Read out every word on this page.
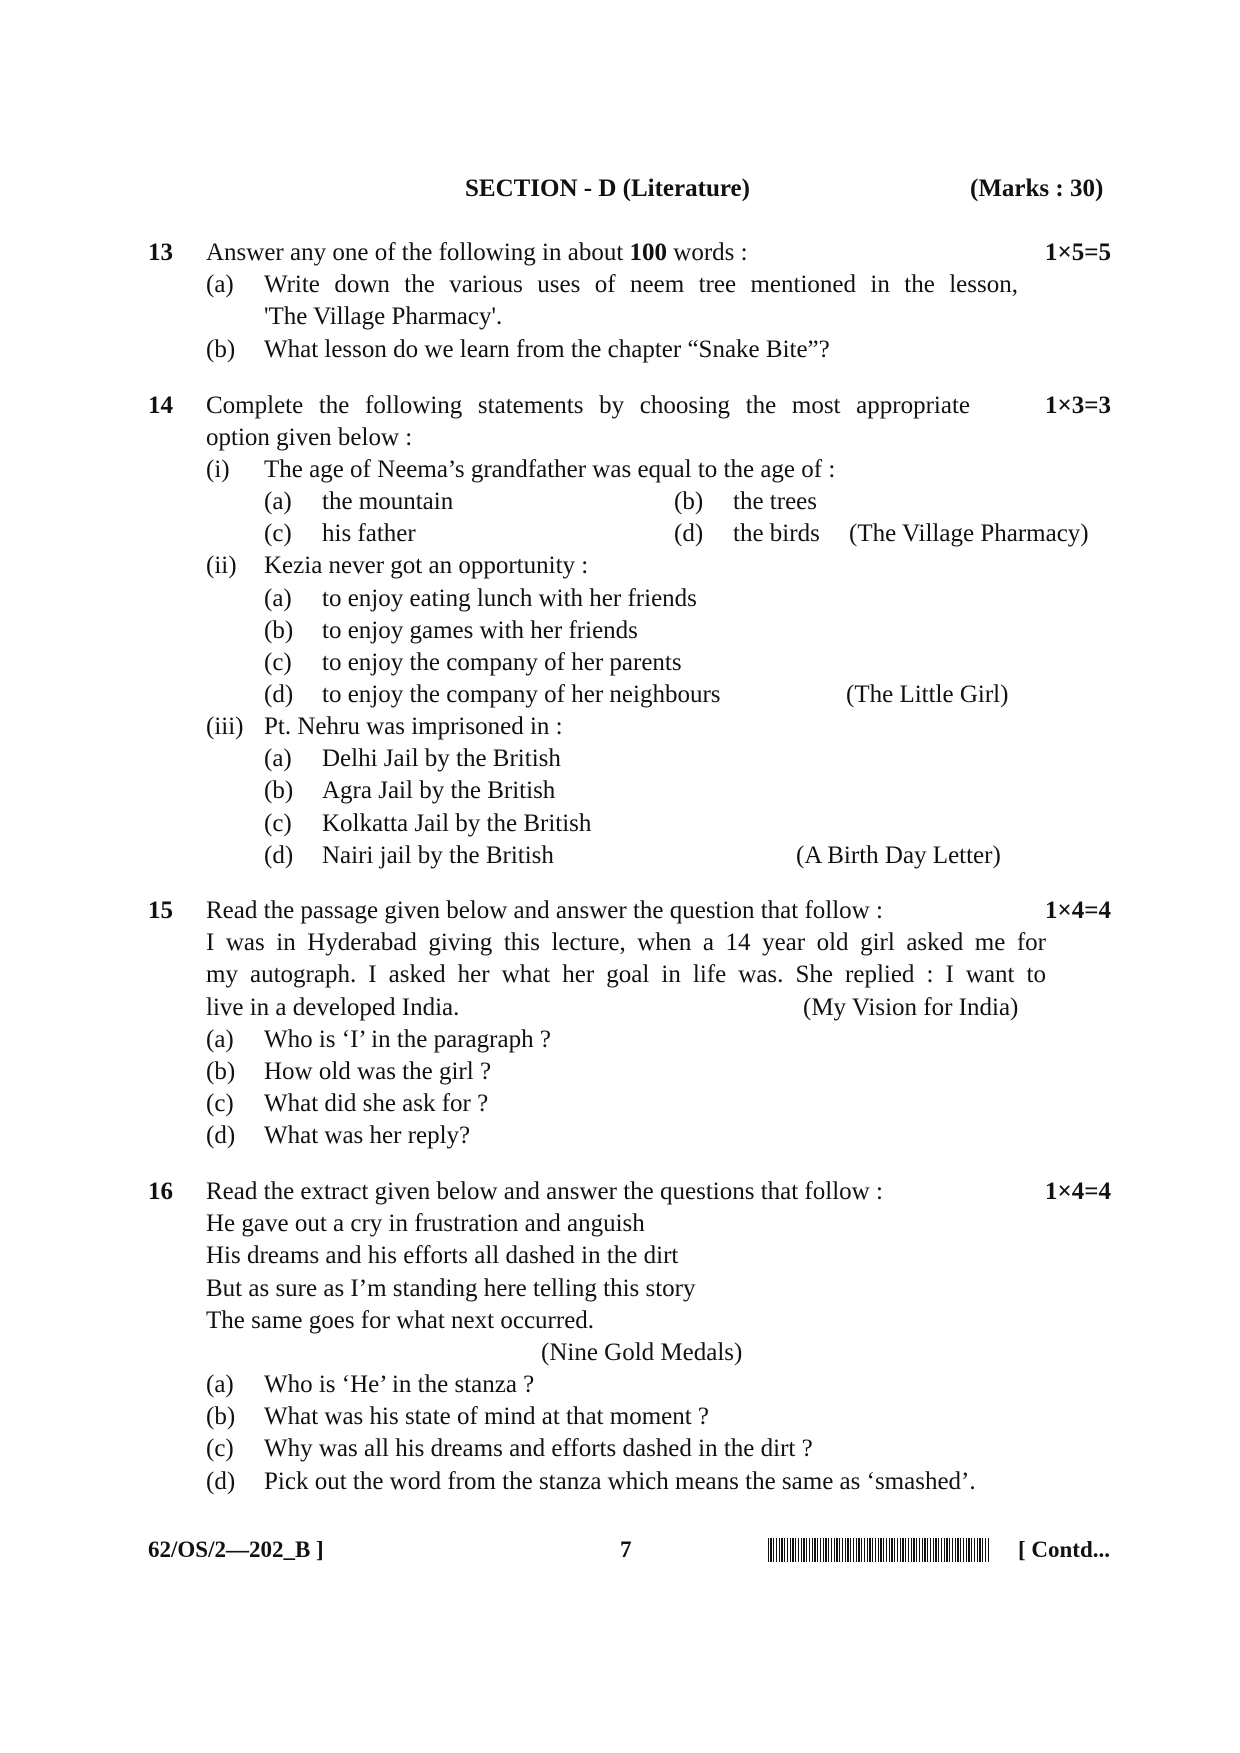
SECTION - D (Literature)	(Marks : 30)
13 Answer any one of the following in about 100 words :	1×5=5
(a) Write down the various uses of neem tree mentioned in the lesson,
'The Village Pharmacy'.
(b) What lesson do we learn from the chapter “Snake Bite”?
14 Complete the following statements by choosing the most appropriate	1×3=3
option given below :
(i) The age of Neema’s grandfather was equal to the age of :
(a) the mountain	(b) the trees
(c) his father	(d) the birds (The Village Pharmacy)
(ii) Kezia never got an opportunity :
(a) to enjoy eating lunch with her friends
(b) to enjoy games with her friends
(c) to enjoy the company of her parents
(d) to enjoy the company of her neighbours	(The Little Girl)
(iii) Pt. Nehru was imprisoned in :
(a) Delhi Jail by the British
(b) Agra Jail by the British
(c) Kolkatta Jail by the British
(d) Nairi jail by the British	(A Birth Day Letter)
15 Read the passage given below and answer the question that follow :	1×4=4
I was in Hyderabad giving this lecture, when a 14 year old girl asked me for
my autograph. I asked her what her goal in life was. She replied : I want to
live in a developed India.	(My Vision for India)
(a) Who is ‘I’ in the paragraph ?
(b) How old was the girl ?
(c) What did she ask for ?
(d) What was her reply?
16 Read the extract given below and answer the questions that follow :	1×4=4
He gave out a cry in frustration and anguish
His dreams and his efforts all dashed in the dirt
But as sure as I’m standing here telling this story
The same goes for what next occurred.
(Nine Gold Medals)
(a) Who is ‘He’ in the stanza ?
(b) What was his state of mind at that moment ?
(c) Why was all his dreams and efforts dashed in the dirt ?
(d) Pick out the word from the stanza which means the same as ‘smashed’.
62/OS/2—202_B ]	7	[ Contd...
